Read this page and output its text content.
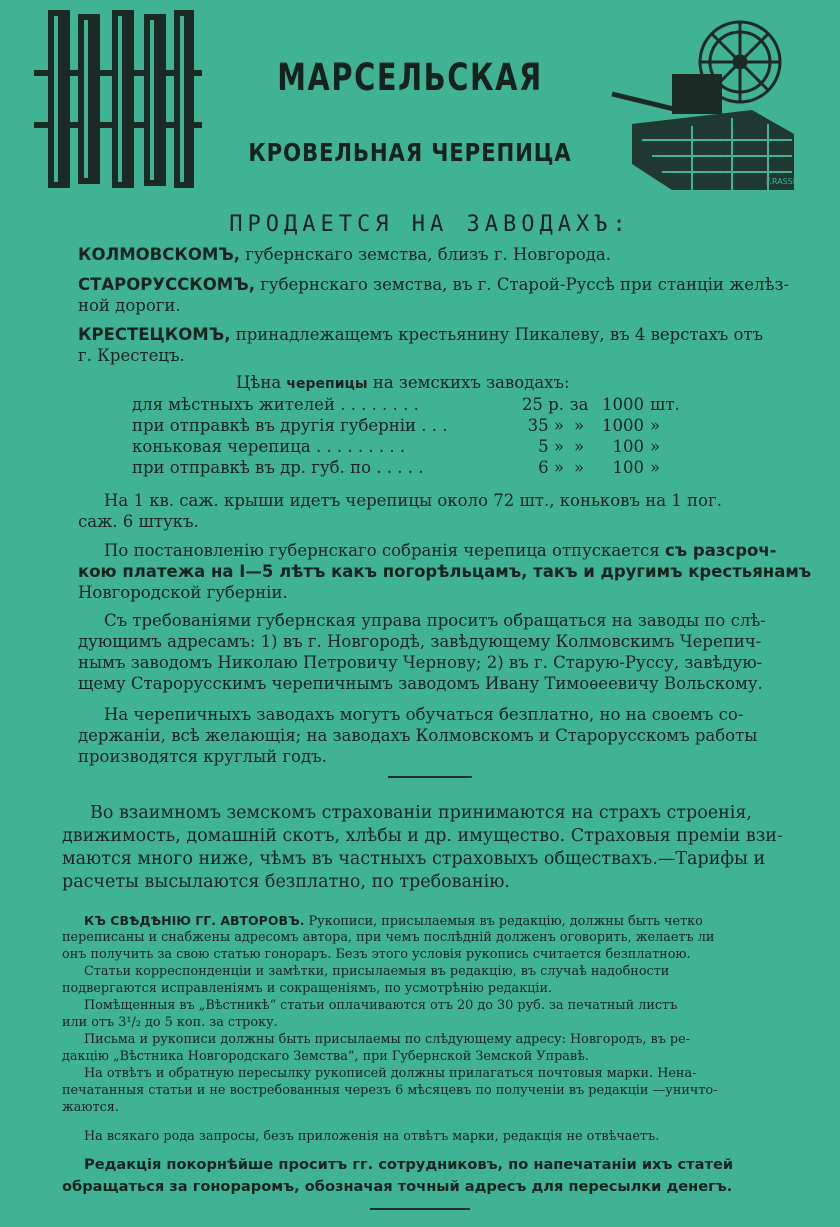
МАРСЕЛЬСКАЯ
КРОВЕЛЬНАЯ ЧЕРЕПИЦА
F.RASSEL
ПРОДАЕТСЯ НА ЗАВОДАХЪ:
КОЛМОВСКОМЪ, губернскаго земства, близъ г. Новгорода.
СТАРОРУССКОМЪ, губернскаго земства, въ г. Старой-Руссѣ при станціи желѣз-
ной дороги.
КРЕСТЕЦКОМЪ, принадлежащемъ крестьянину Пикалеву, въ 4 верстахъ отъ
г. Крестецъ.
Цѣна черепицы на земскихъ заводахъ:
для мѣстныхъ жителей . . . . . . . .	25 р.	за	1000	шт.
при отправкѣ въ другія губерніи . . .	35 »	»	1000	»
коньковая черепица . . . . . . . . .	5 »	»	100	»
при отправкѣ въ др. губ. по . . . . .	6 »	»	100	»
На 1 кв. саж. крыши идетъ черепицы около 72 шт., коньковъ на 1 пог.
саж. 6 штукъ.
По постановленію губернскаго собранія черепица отпускается съ разсроч-
кою платежа на I—5 лѣтъ какъ погорѣльцамъ, такъ и другимъ крестьянамъ
Новгородской губерніи.
Съ требованіями губернская управа проситъ обращаться на заводы по слѣ-
дующимъ адресамъ: 1) въ г. Новгородѣ, завѣдующему Колмовскимъ Черепич-
нымъ заводомъ Николаю Петровичу Чернову; 2) въ г. Старую-Руссу, завѣдую-
щему Старорусскимъ черепичнымъ заводомъ Ивану Тимоѳеевичу Вольскому.
На черепичныхъ заводахъ могутъ обучаться безплатно, но на своемъ со-
держаніи, всѣ желающія; на заводахъ Колмовскомъ и Старорусскомъ работы
производятся круглый годъ.
Во взаимномъ земскомъ страхованіи принимаются на страхъ строенія,
движимость, домашній скотъ, хлѣбы и др. имущество. Страховыя преміи взи-
маются много ниже, чѣмъ въ частныхъ страховыхъ обществахъ.—Тарифы и
расчеты высылаются безплатно, по требованію.
КЪ СВѢДѢНІЮ ГГ. АВТОРОВЪ. Рукописи, присылаемыя въ редакцію, должны быть четко
переписаны и снабжены адресомъ автора, при чемъ послѣдній долженъ оговорить, желаетъ ли
онъ получить за свою статью гонораръ. Безъ этого условія рукопись считается безплатною.
Статьи корреспонденціи и замѣтки, присылаемыя въ редакцію, въ случаѣ надобности
подвергаются исправленіямъ и сокращеніямъ, по усмотрѣнію редакціи.
Помѣщенныя въ „Вѣстникѣ“ статьи оплачиваются отъ 20 до 30 руб. за печатный листъ
или отъ 3¹/₂ до 5 коп. за строку.
Письма и рукописи должны быть присылаемы по слѣдующему адресу: Новгородъ, въ ре-
дакцію „Вѣстника Новгородскаго Земства“, при Губернской Земской Управѣ.
На отвѣтъ и обратную пересылку рукописей должны прилагаться почтовыя марки. Нена-
печатанныя статьи и не востребованныя черезъ 6 мѣсяцевъ по полученіи въ редакціи —уничто-
жаются.
На всякаго рода запросы, безъ приложенія на отвѣтъ марки, редакція не отвѣчаетъ.
Редакція покорнѣйше проситъ гг. сотрудниковъ, по напечатаніи ихъ статей
обращаться за гонораромъ, обозначая точный адресъ для пересылки денегъ.
